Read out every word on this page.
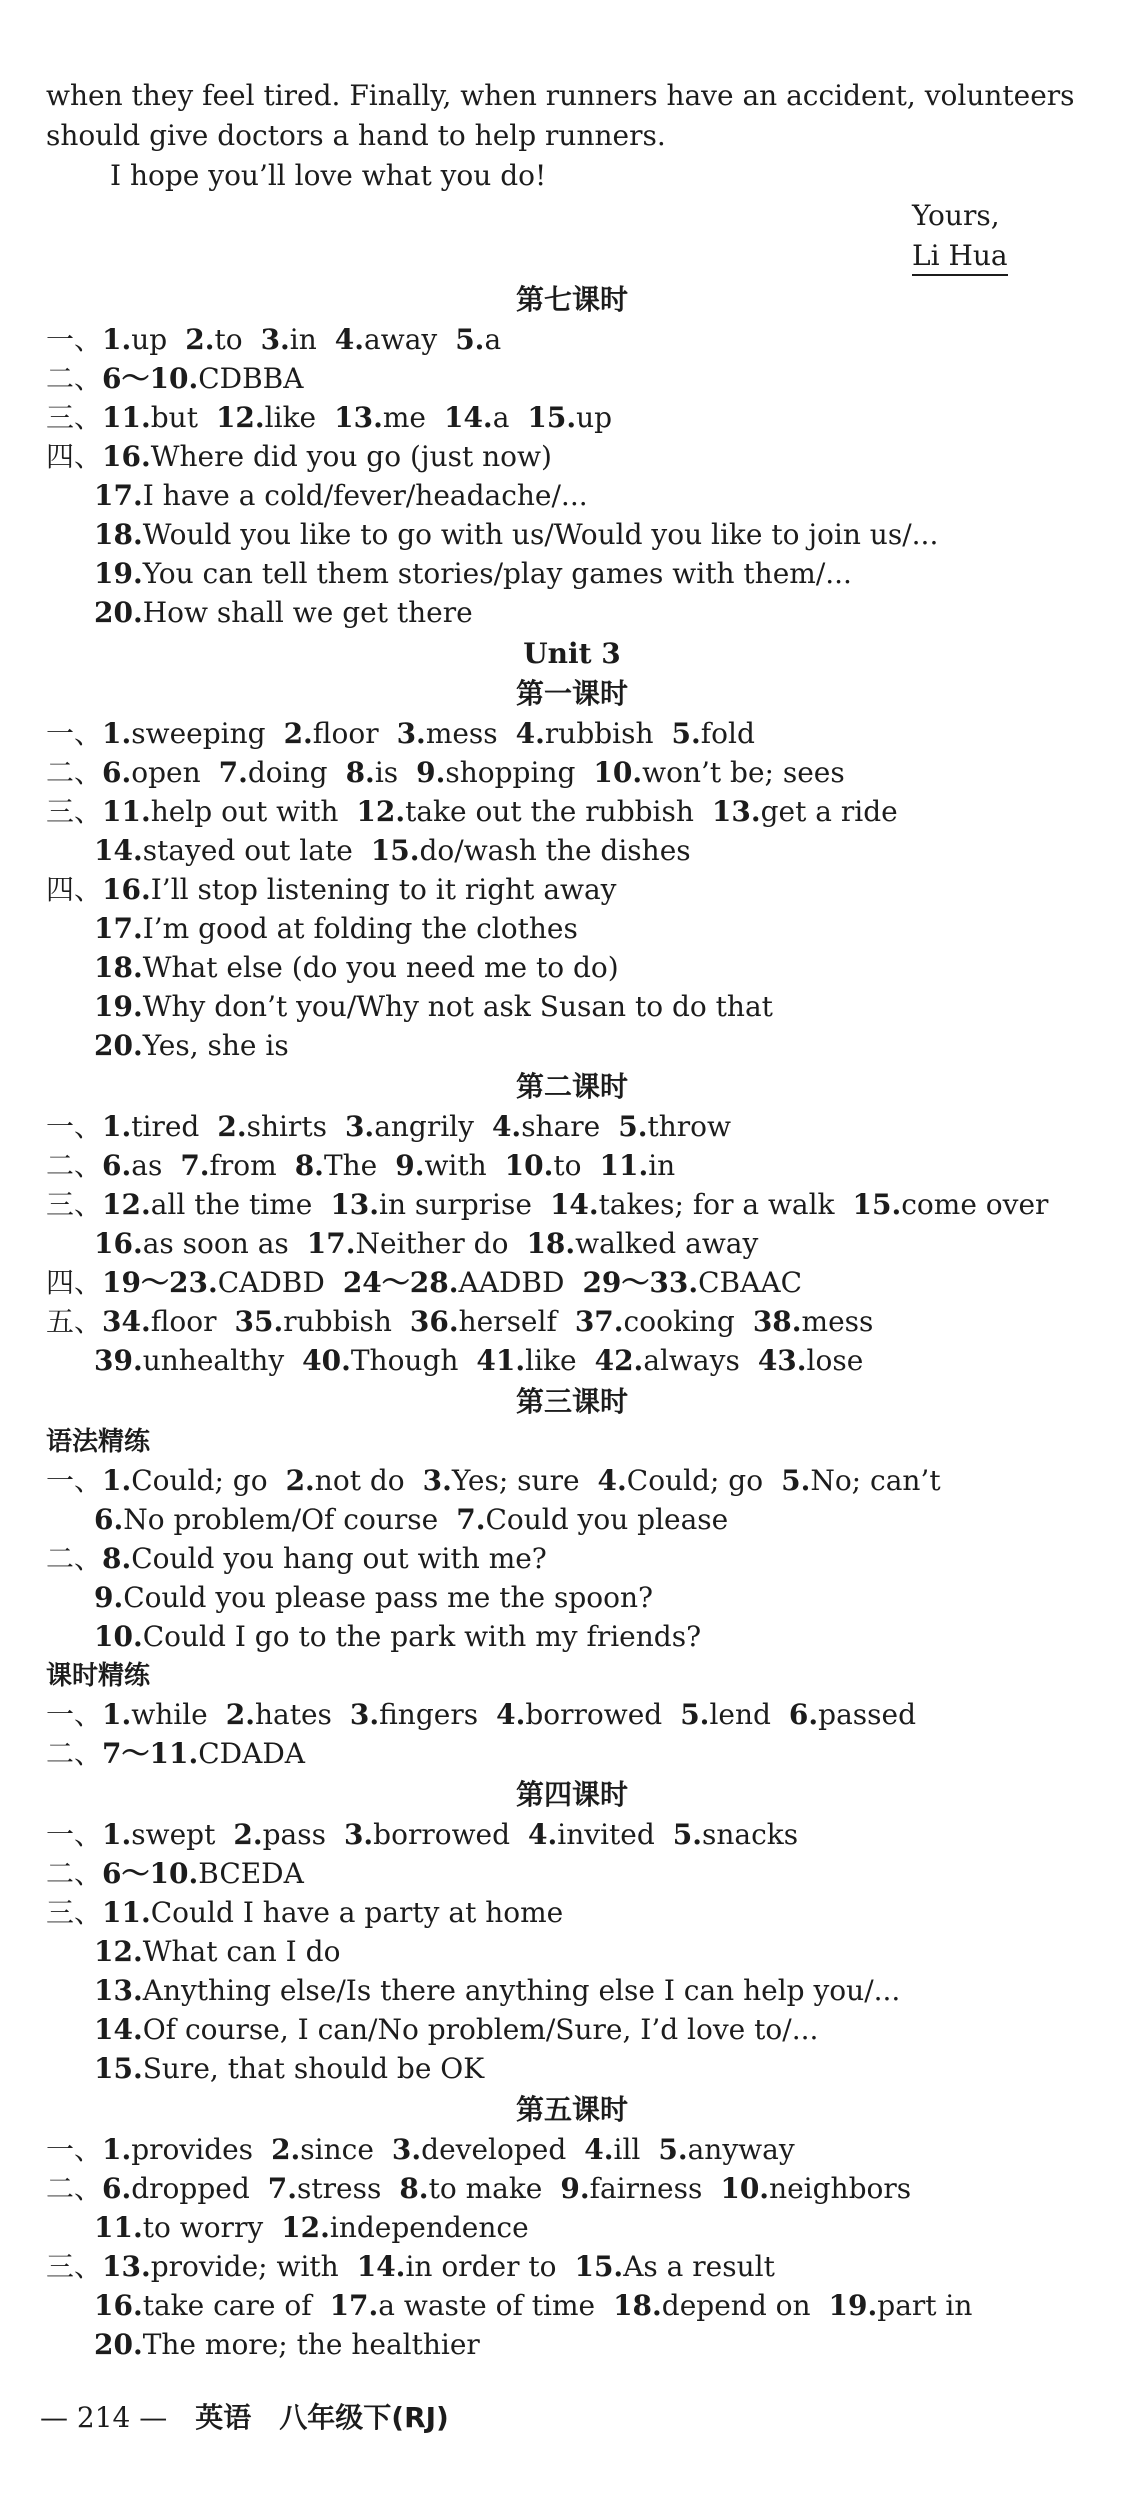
when they feel tired. Finally, when runners have an accident, volunteers
should give doctors a hand to help runners.
I hope you’ll love what you do!
Yours,
Li Hua
第七课时
一、1.up 2.to 3.in 4.away 5.a
二、6～10.CDBBA
三、11.but 12.like 13.me 14.a 15.up
四、16.Where did you go (just now)
17.I have a cold/fever/headache/...
18.Would you like to go with us/Would you like to join us/...
19.You can tell them stories/play games with them/...
20.How shall we get there
Unit 3
第一课时
一、1.sweeping 2.floor 3.mess 4.rubbish 5.fold
二、6.open 7.doing 8.is 9.shopping 10.won’t be; sees
三、11.help out with 12.take out the rubbish 13.get a ride
14.stayed out late 15.do/wash the dishes
四、16.I’ll stop listening to it right away
17.I’m good at folding the clothes
18.What else (do you need me to do)
19.Why don’t you/Why not ask Susan to do that
20.Yes, she is
第二课时
一、1.tired 2.shirts 3.angrily 4.share 5.throw
二、6.as 7.from 8.The 9.with 10.to 11.in
三、12.all the time 13.in surprise 14.takes; for a walk 15.come over
16.as soon as 17.Neither do 18.walked away
四、19～23.CADBD 24～28.AADBD 29～33.CBAAC
五、34.floor 35.rubbish 36.herself 37.cooking 38.mess
39.unhealthy 40.Though 41.like 42.always 43.lose
第三课时
语法精练
一、1.Could; go 2.not do 3.Yes; sure 4.Could; go 5.No; can’t
6.No problem/Of course 7.Could you please
二、8.Could you hang out with me?
9.Could you please pass me the spoon?
10.Could I go to the park with my friends?
课时精练
一、1.while 2.hates 3.fingers 4.borrowed 5.lend 6.passed
二、7～11.CDADA
第四课时
一、1.swept 2.pass 3.borrowed 4.invited 5.snacks
二、6～10.BCEDA
三、11.Could I have a party at home
12.What can I do
13.Anything else/Is there anything else I can help you/...
14.Of course, I can/No problem/Sure, I’d love to/...
15.Sure, that should be OK
第五课时
一、1.provides 2.since 3.developed 4.ill 5.anyway
二、6.dropped 7.stress 8.to make 9.fairness 10.neighbors
11.to worry 12.independence
三、13.provide; with 14.in order to 15.As a result
16.take care of 17.a waste of time 18.depend on 19.part in
20.The more; the healthier
— 214 — 英语 八年级下(RJ)
